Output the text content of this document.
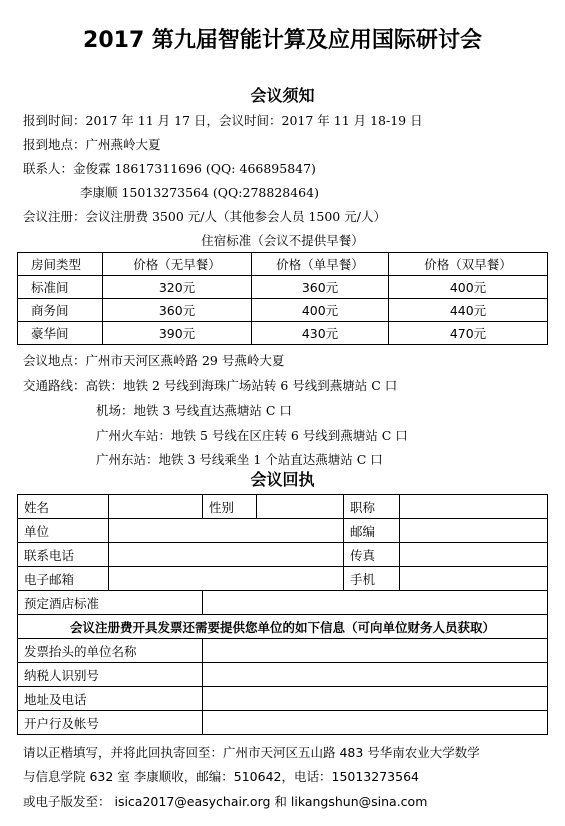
2017 第九届智能计算及应用国际研讨会
会议须知
报到时间：2017 年 11 月 17 日，会议时间：2017 年 11 月 18-19 日
报到地点：广州燕岭大夏
联系人：金俊霖 18617311696 (QQ: 466895847)
李康顺 15013273564 (QQ:278828464)
会议注册：会议注册费 3500 元/人（其他参会人员 1500 元/人）
住宿标准（会议不提供早餐）
房间类型	价格（无早餐）	价格（单早餐）	价格（双早餐）
标准间	320元	360元	400元
商务间	360元	400元	440元
豪华间	390元	430元	470元
会议地点：广州市天河区燕岭路 29 号燕岭大夏
交通路线：高铁：地铁 2 号线到海珠广场站转 6 号线到燕塘站 C 口
机场：地铁 3 号线直达燕塘站 C 口
广州火车站：地铁 5 号线在区庄转 6 号线到燕塘站 C 口
广州东站：地铁 3 号线乘坐 1 个站直达燕塘站 C 口
会议回执
姓名		性别		职称	
单位				邮编	
联系电话				传真	
电子邮箱				手机	
预定酒店标准					
会议注册费开具发票还需要提供您单位的如下信息（可向单位财务人员获取）					
发票抬头的单位名称					
纳税人识别号					
地址及电话					
开户行及帐号					
请以正楷填写，并将此回执寄回至：广州市天河区五山路 483 号华南农业大学数学
与信息学院 632 室 李康顺收，邮编：510642，电话：15013273564
或电子版发至： isica2017@easychair.org 和 likangshun@sina.com
